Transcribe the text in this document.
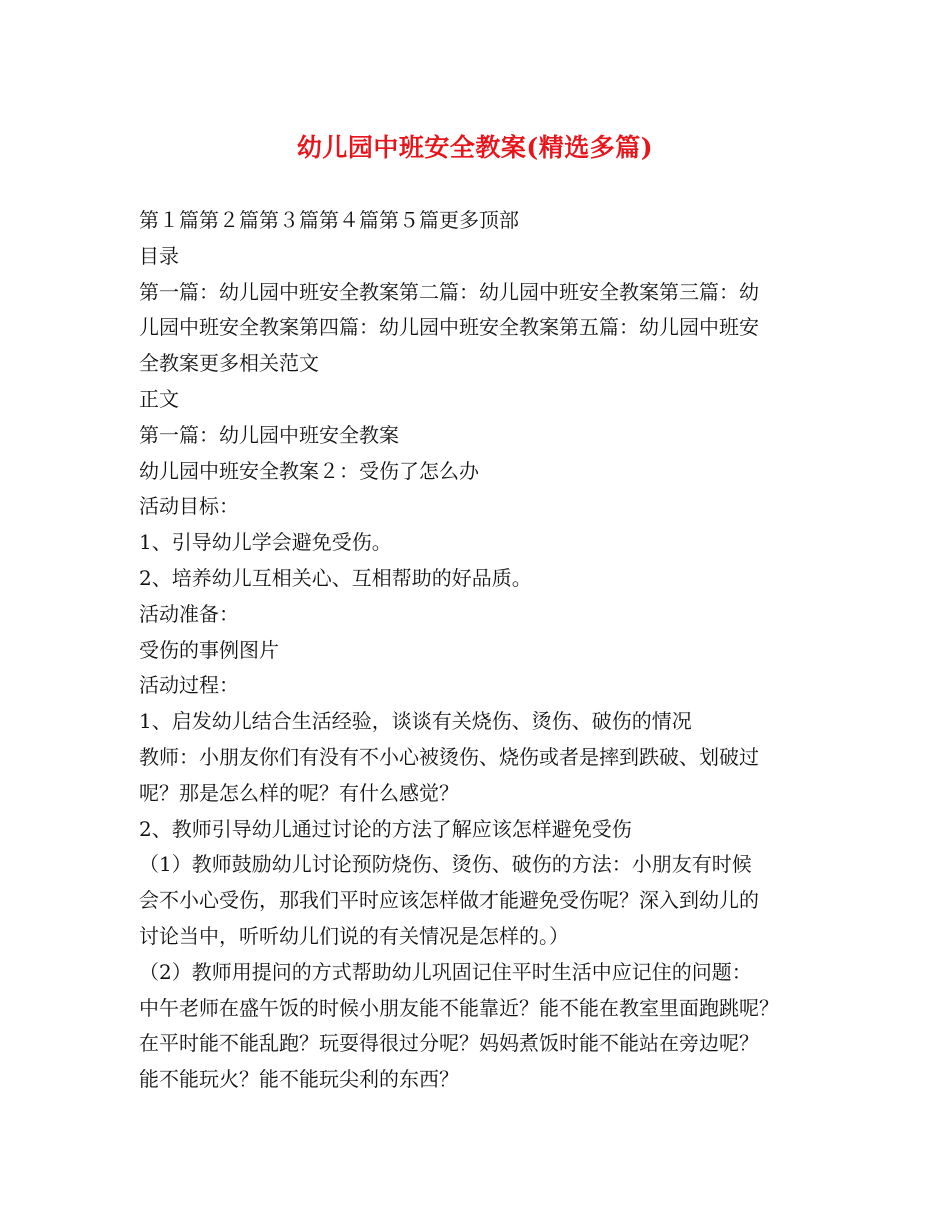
幼儿园中班安全教案(精选多篇)
第１篇第２篇第３篇第４篇第５篇更多顶部
目录
第一篇：幼儿园中班安全教案第二篇：幼儿园中班安全教案第三篇：幼
儿园中班安全教案第四篇：幼儿园中班安全教案第五篇：幼儿园中班安
全教案更多相关范文
正文
第一篇：幼儿园中班安全教案
幼儿园中班安全教案２：受伤了怎么办
活动目标：
1、引导幼儿学会避免受伤。
2、培养幼儿互相关心、互相帮助的好品质。
活动准备：
受伤的事例图片
活动过程：
1、启发幼儿结合生活经验，谈谈有关烧伤、烫伤、破伤的情况
教师：小朋友你们有没有不小心被烫伤、烧伤或者是摔到跌破、划破过
呢？那是怎么样的呢？有什么感觉？
2、教师引导幼儿通过讨论的方法了解应该怎样避免受伤
（1）教师鼓励幼儿讨论预防烧伤、烫伤、破伤的方法：小朋友有时候
会不小心受伤，那我们平时应该怎样做才能避免受伤呢？深入到幼儿的
讨论当中，听听幼儿们说的有关情况是怎样的。）
（2）教师用提问的方式帮助幼儿巩固记住平时生活中应记住的问题：
中午老师在盛午饭的时候小朋友能不能靠近？能不能在教室里面跑跳呢？
在平时能不能乱跑？玩耍得很过分呢？妈妈煮饭时能不能站在旁边呢？
能不能玩火？能不能玩尖利的东西？
